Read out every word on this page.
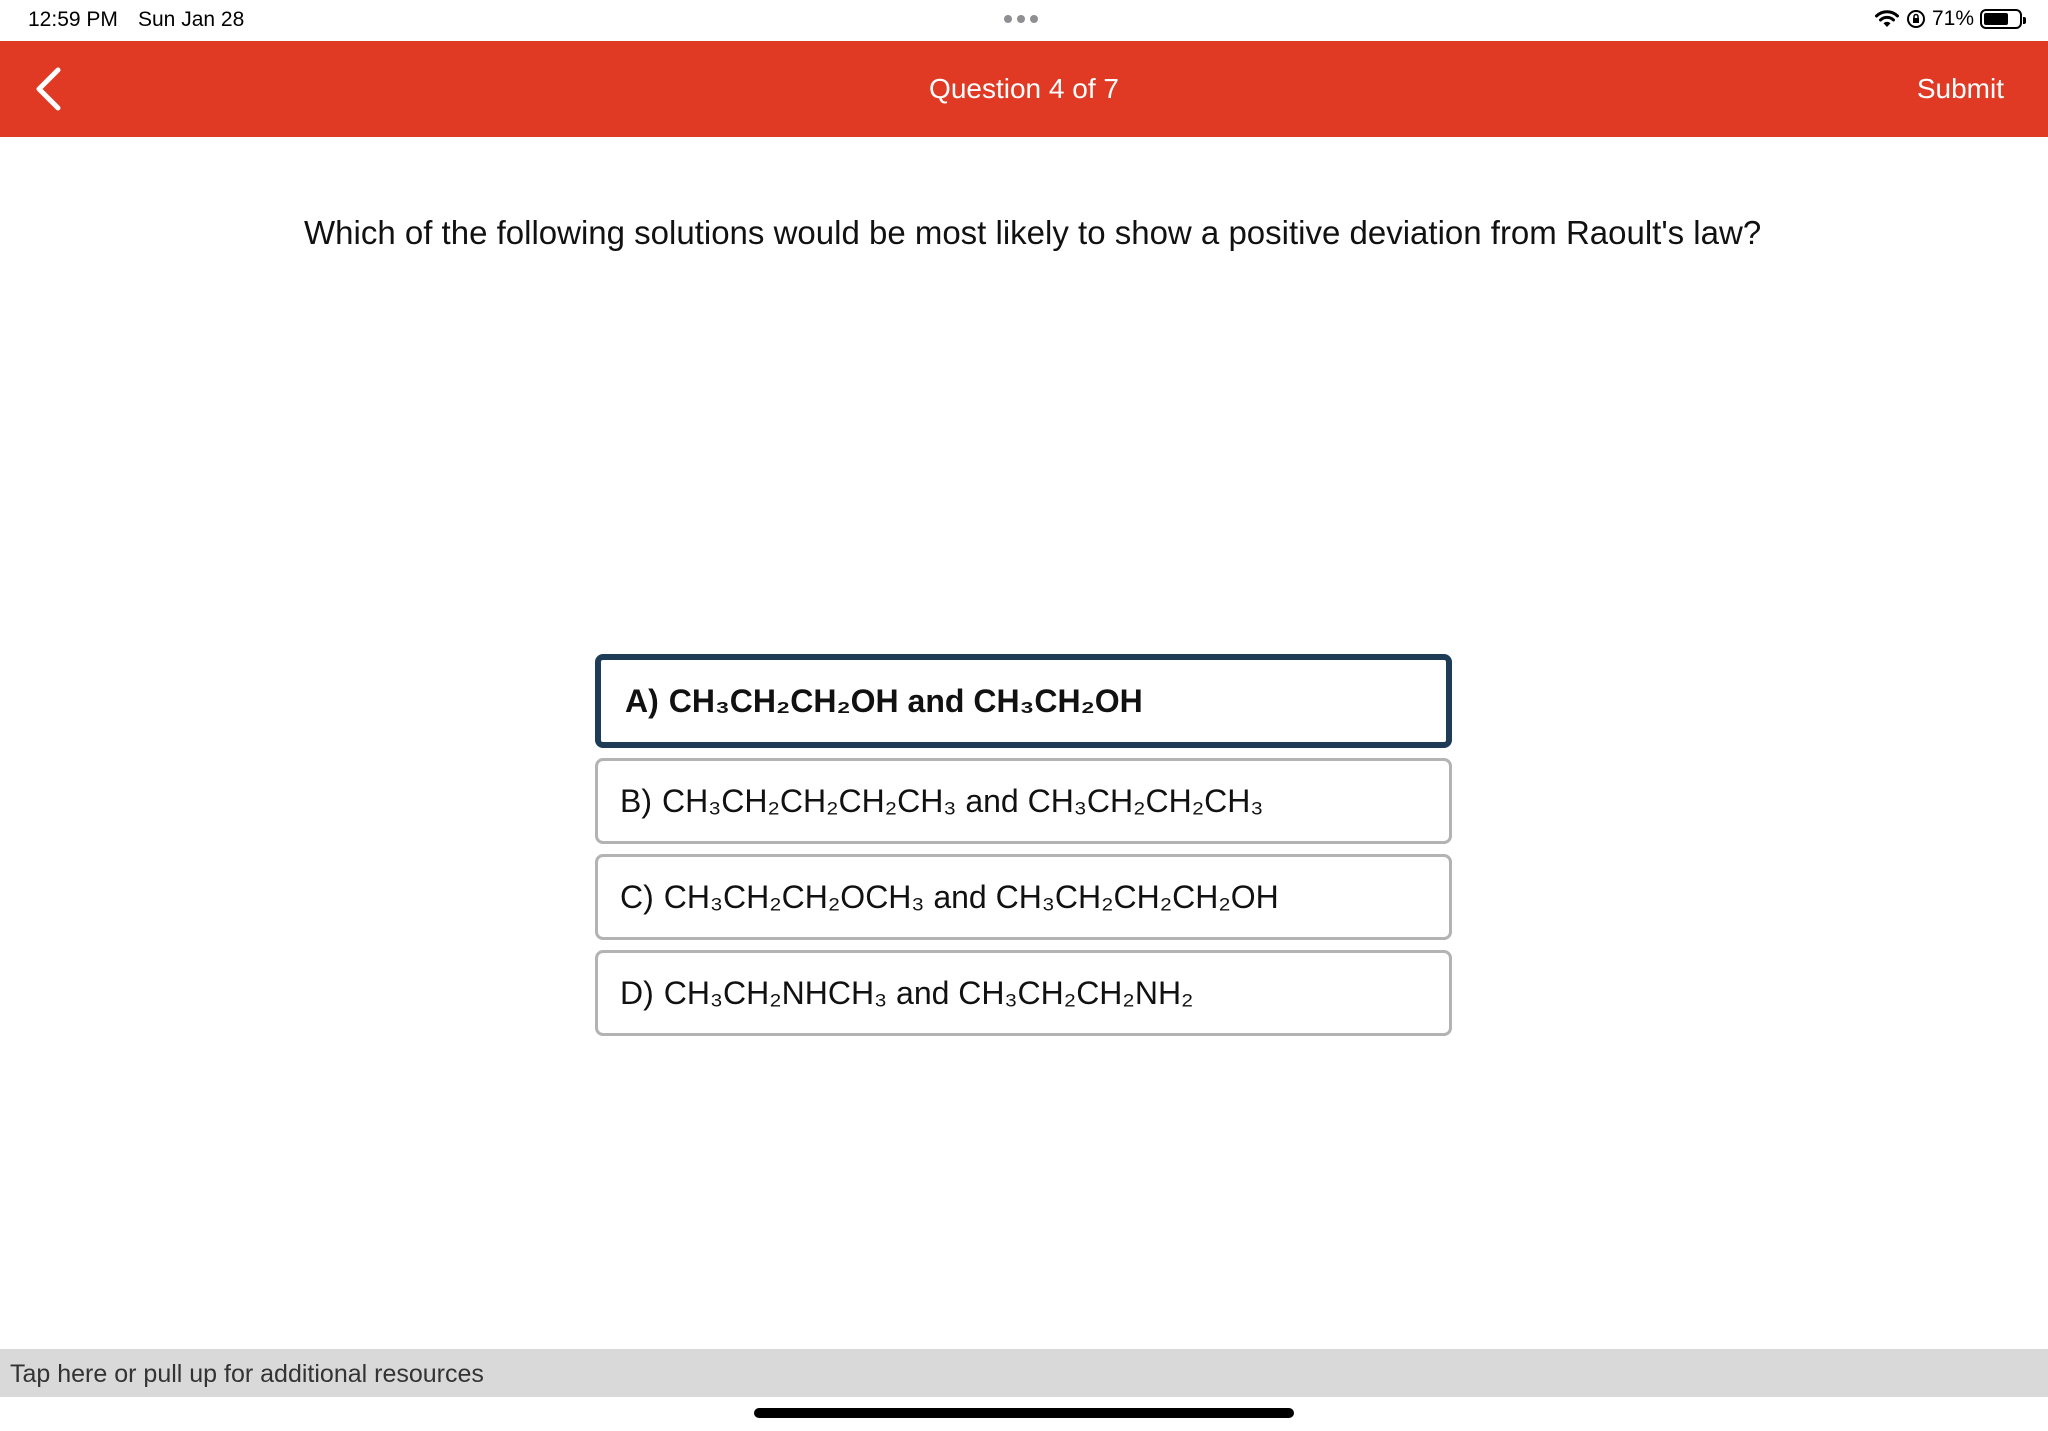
12:59 PM Sun Jan 28	71%
Question 4 of 7	Submit
Which of the following solutions would be most likely to show a positive deviation from Raoult's law?
A) CH₃CH₂CH₂OH and CH₃CH₂OH
B) CH₃CH₂CH₂CH₂CH₃ and CH₃CH₂CH₂CH₃
C) CH₃CH₂CH₂OCH₃ and CH₃CH₂CH₂CH₂OH
D) CH₃CH₂NHCH₃ and CH₃CH₂CH₂NH₂
Tap here or pull up for additional resources
